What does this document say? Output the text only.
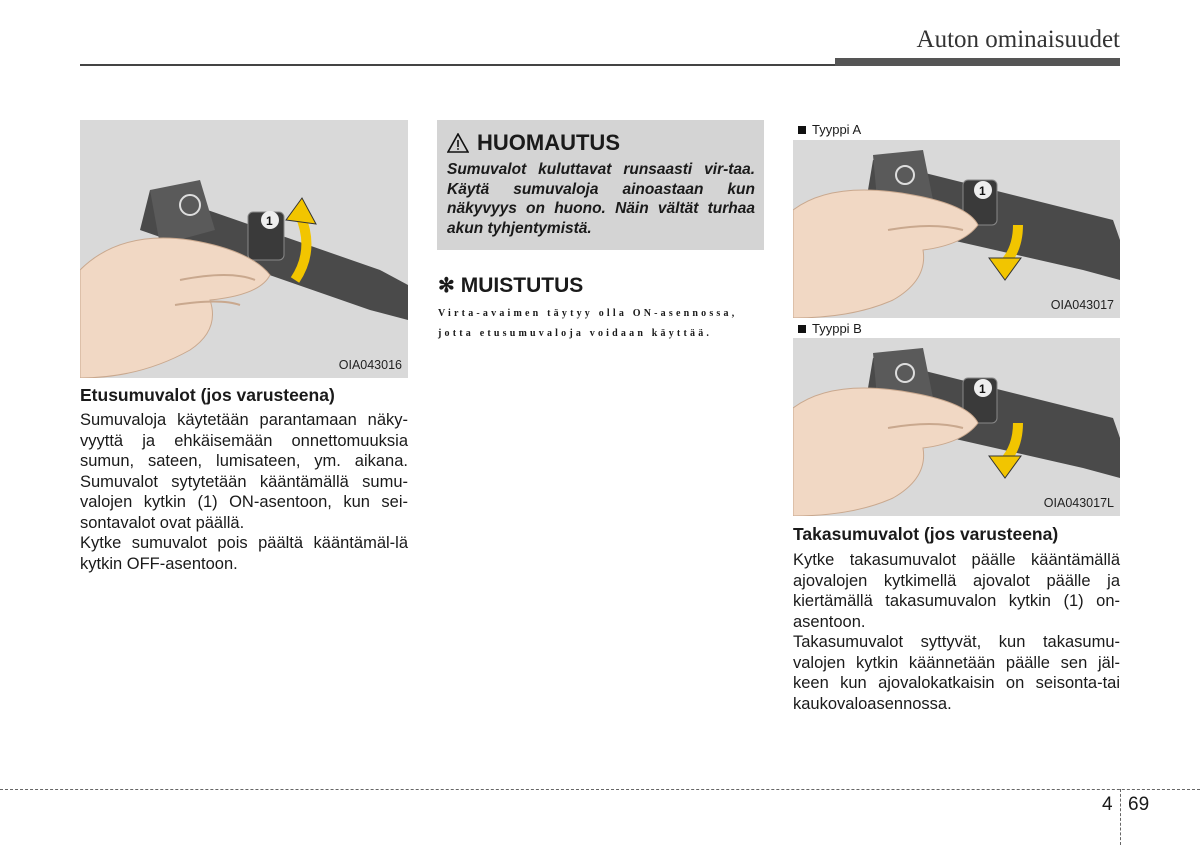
Auton ominaisuudet
1
OIA043016
Etusumuvalot (jos varusteena)
Sumuvaloja käytetään parantamaan näky-vyyttä ja ehkäisemään onnettomuuksia sumun, sateen, lumisateen, ym. aikana. Sumuvalot sytytetään kääntämällä sumu-valojen kytkin (1) ON-asentoon, kun sei-sontavalot ovat päällä.
Kytke sumuvalot pois päältä kääntämäl-lä kytkin OFF-asentoon.
HUOMAUTUS
Sumuvalot kuluttavat runsaasti vir-taa. Käytä sumuvaloja ainoastaan kun näkyvyys on huono. Näin vältät turhaa akun tyhjentymistä.
✻ MUISTUTUS
Virta-avaimen täytyy olla ON-asennossa, jotta etusumuvaloja voidaan käyttää.
Tyyppi A
1
OIA043017
Tyyppi B
1
OIA043017L
Takasumuvalot (jos varusteena)
Kytke takasumuvalot päälle kääntämällä ajovalojen kytkimellä ajovalot päälle ja kiertämällä takasumuvalon kytkin (1) on-asentoon.
Takasumuvalot syttyvät, kun takasumu-valojen kytkin käännetään päälle sen jäl-keen kun ajovalokatkaisin on seisonta-tai kaukovaloasennossa.
4 69
